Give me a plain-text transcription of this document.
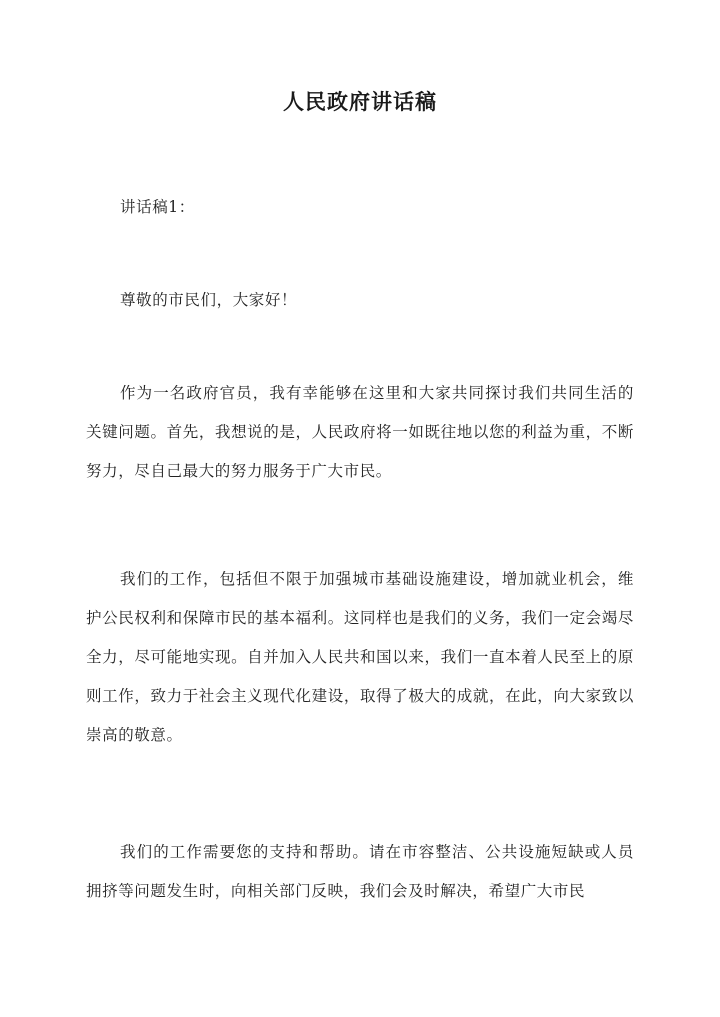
人民政府讲话稿

讲话稿1：

尊敬的市民们，大家好！

作为一名政府官员，我有幸能够在这里和大家共同探讨我们共同生活的关键问题。首先，我想说的是，人民政府将一如既往地以您的利益为重，不断努力，尽自己最大的努力服务于广大市民。

我们的工作，包括但不限于加强城市基础设施建设，增加就业机会，维护公民权利和保障市民的基本福利。这同样也是我们的义务，我们一定会竭尽全力，尽可能地实现。自并加入人民共和国以来，我们一直本着人民至上的原则工作，致力于社会主义现代化建设，取得了极大的成就，在此，向大家致以崇高的敬意。

我们的工作需要您的支持和帮助。请在市容整洁、公共设施短缺或人员拥挤等问题发生时，向相关部门反映，我们会及时解决，希望广大市民
